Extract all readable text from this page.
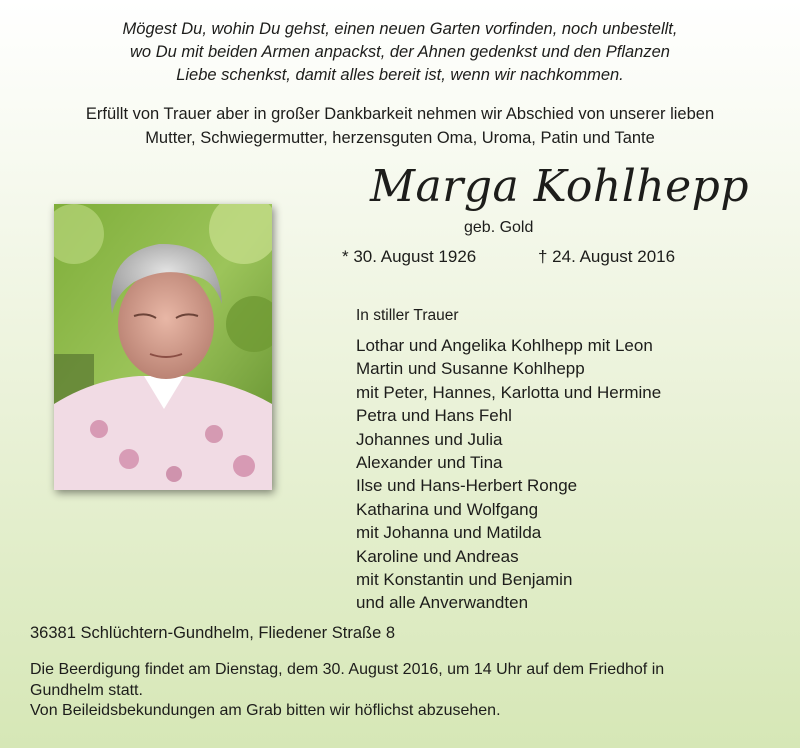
Mögest Du, wohin Du gehst, einen neuen Garten vorfinden, noch unbestellt,
wo Du mit beiden Armen anpackst, der Ahnen gedenkst und den Pflanzen
Liebe schenkst, damit alles bereit ist, wenn wir nachkommen.
Erfüllt von Trauer aber in großer Dankbarkeit nehmen wir Abschied von unserer lieben
Mutter, Schwiegermutter, herzensguten Oma, Uroma, Patin und Tante
Marga Kohlhepp
geb. Gold
* 30. August 1926	† 24. August 2016
In stiller Trauer
Lothar und Angelika Kohlhepp mit Leon
Martin und Susanne Kohlhepp
mit Peter, Hannes, Karlotta und Hermine
Petra und Hans Fehl
Johannes und Julia
Alexander und Tina
Ilse und Hans-Herbert Ronge
Katharina und Wolfgang
mit Johanna und Matilda
Karoline und Andreas
mit Konstantin und Benjamin
und alle Anverwandten
36381 Schlüchtern-Gundhelm, Fliedener Straße 8
Die Beerdigung findet am Dienstag, dem 30. August 2016, um 14 Uhr auf dem Friedhof in
Gundhelm statt.
Von Beileidsbekundungen am Grab bitten wir höflichst abzusehen.
